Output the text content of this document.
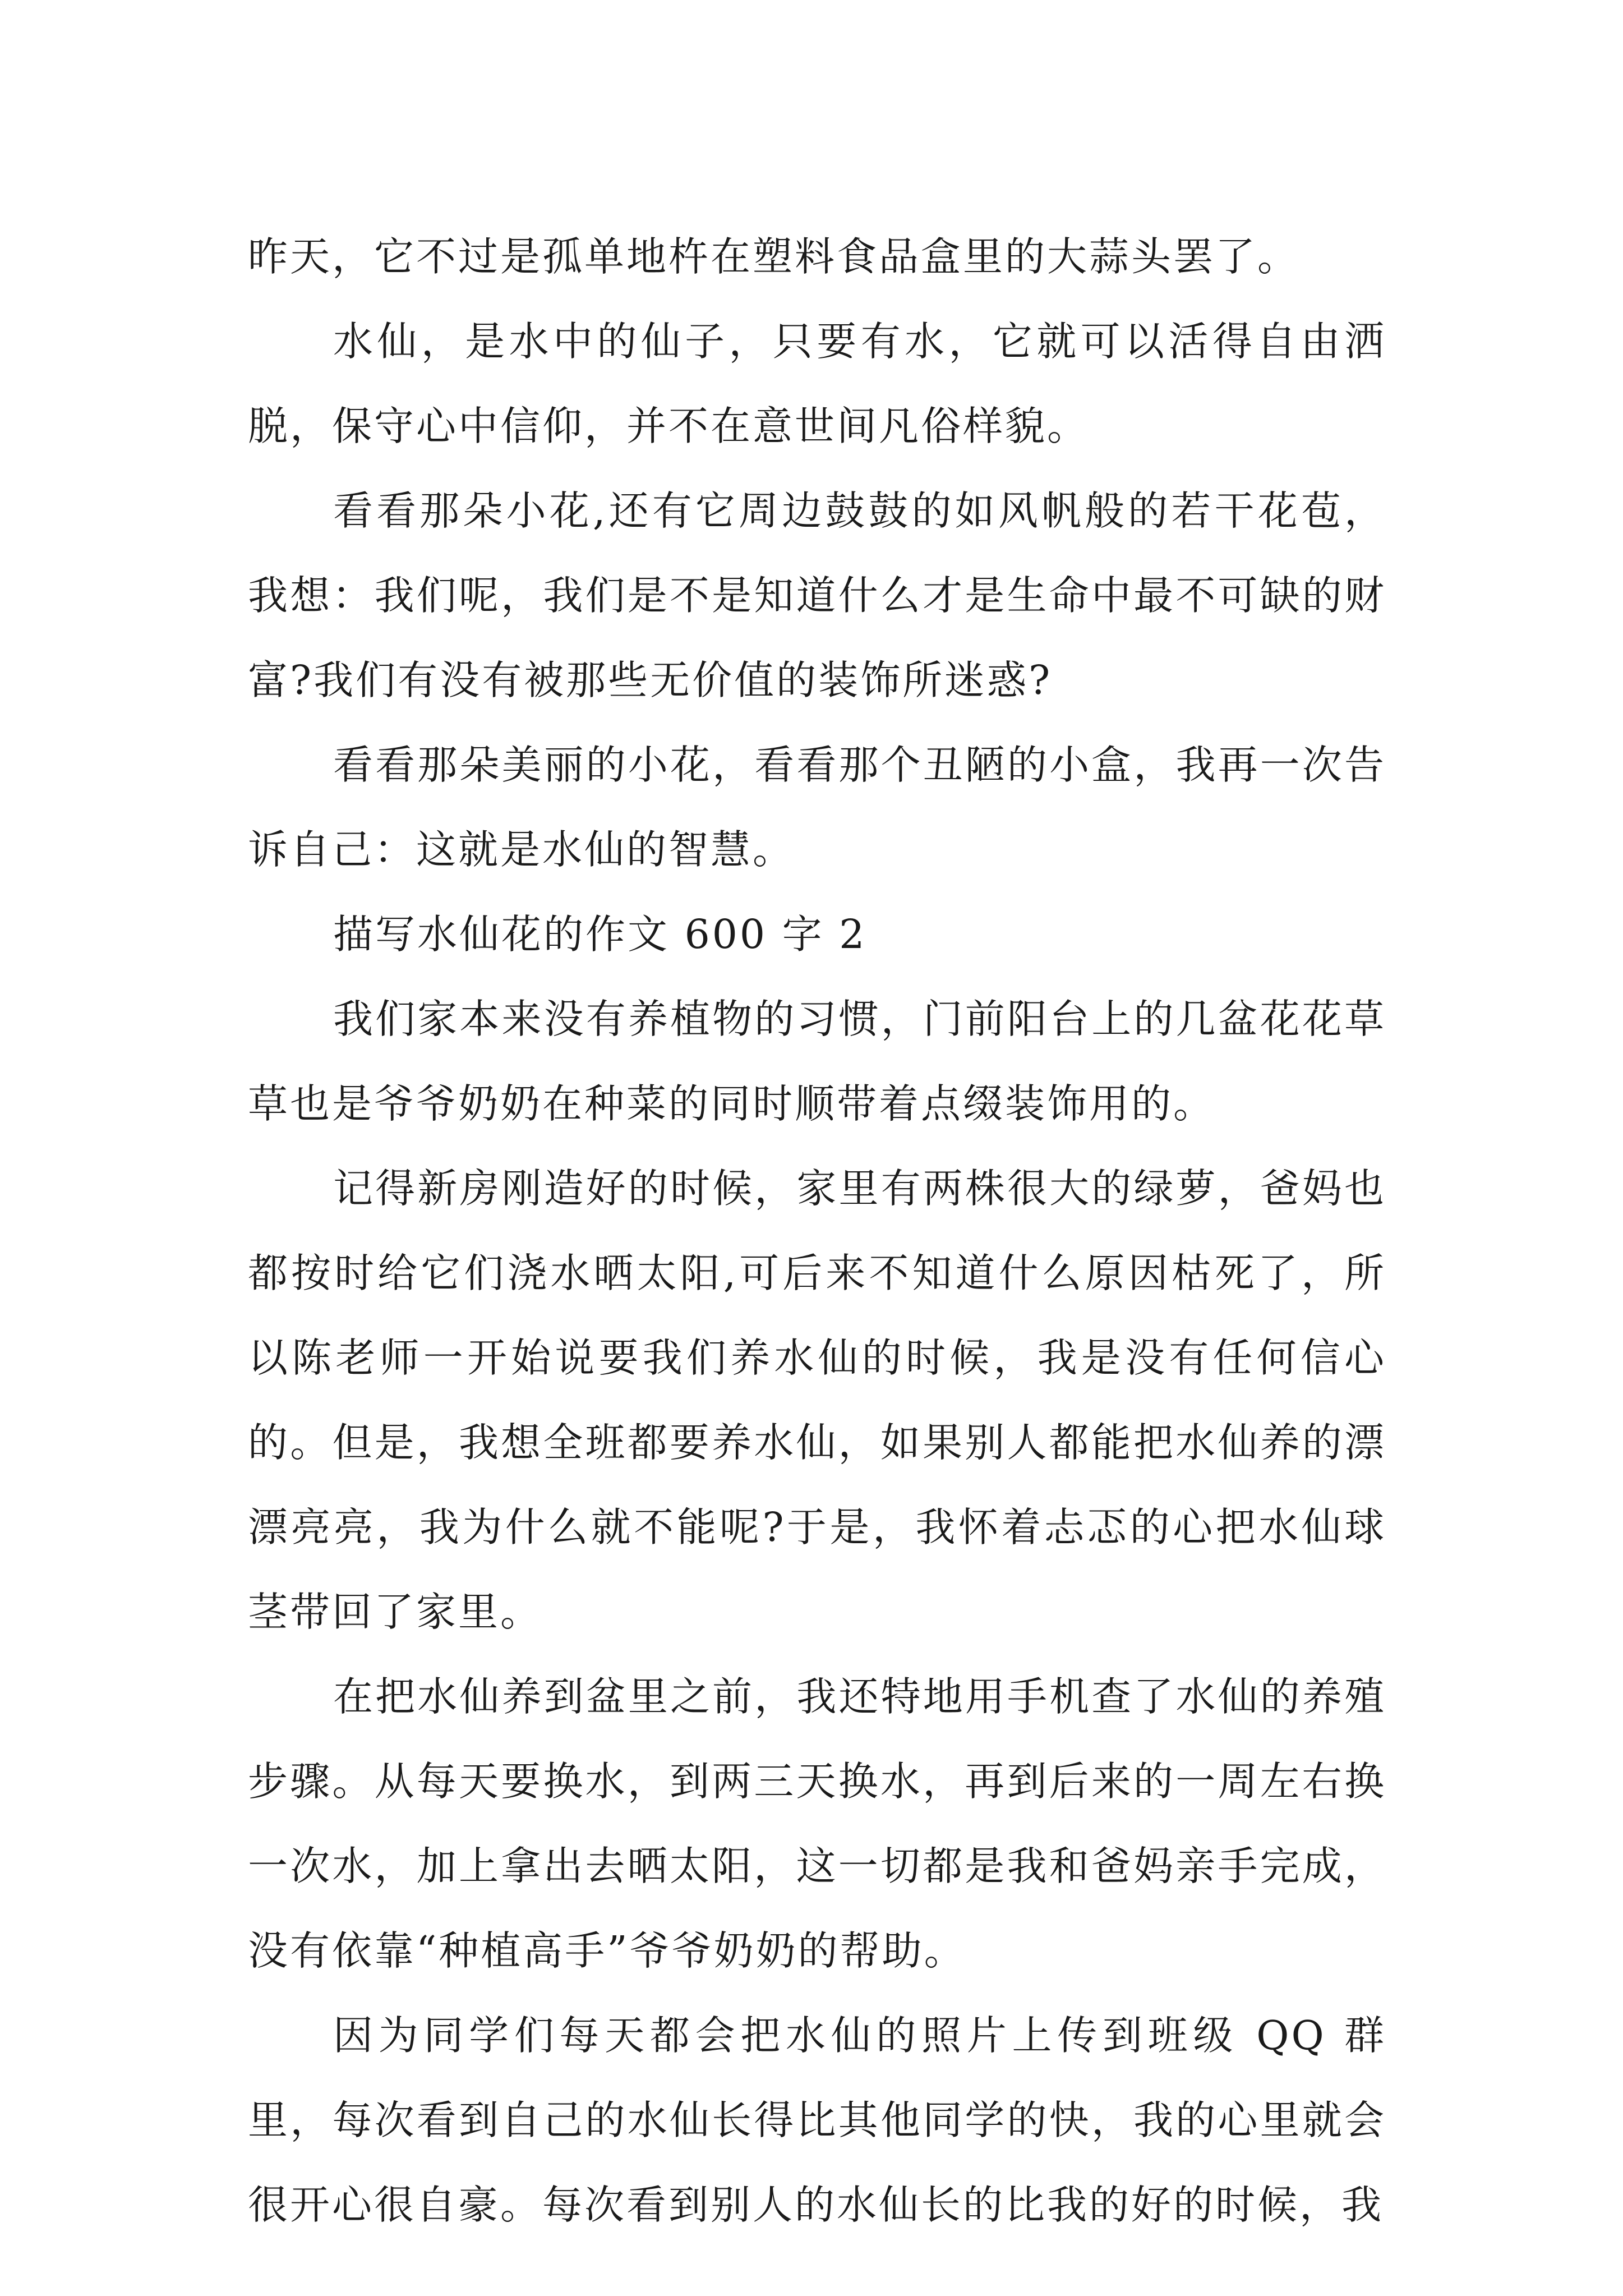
昨天，它不过是孤单地杵在塑料食品盒里的大蒜头罢了。

水仙，是水中的仙子，只要有水，它就可以活得自由洒脱，保守心中信仰，并不在意世间凡俗样貌。

看看那朵小花,还有它周边鼓鼓的如风帆般的若干花苞，我想：我们呢，我们是不是知道什么才是生命中最不可缺的财富?我们有没有被那些无价值的装饰所迷惑?

看看那朵美丽的小花，看看那个丑陋的小盒，我再一次告诉自己：这就是水仙的智慧。

描写水仙花的作文 600 字 2

我们家本来没有养植物的习惯，门前阳台上的几盆花花草草也是爷爷奶奶在种菜的同时顺带着点缀装饰用的。

记得新房刚造好的时候，家里有两株很大的绿萝，爸妈也都按时给它们浇水晒太阳,可后来不知道什么原因枯死了，所以陈老师一开始说要我们养水仙的时候，我是没有任何信心的。但是，我想全班都要养水仙，如果别人都能把水仙养的漂漂亮亮，我为什么就不能呢?于是，我怀着忐忑的心把水仙球茎带回了家里。

在把水仙养到盆里之前，我还特地用手机查了水仙的养殖步骤。从每天要换水，到两三天换水，再到后来的一周左右换一次水，加上拿出去晒太阳，这一切都是我和爸妈亲手完成，没有依靠“种植高手”爷爷奶奶的帮助。

因为同学们每天都会把水仙的照片上传到班级 QQ 群里，每次看到自己的水仙长得比其他同学的快，我的心里就会很开心很自豪。每次看到别人的水仙长的比我的好的时候，我
